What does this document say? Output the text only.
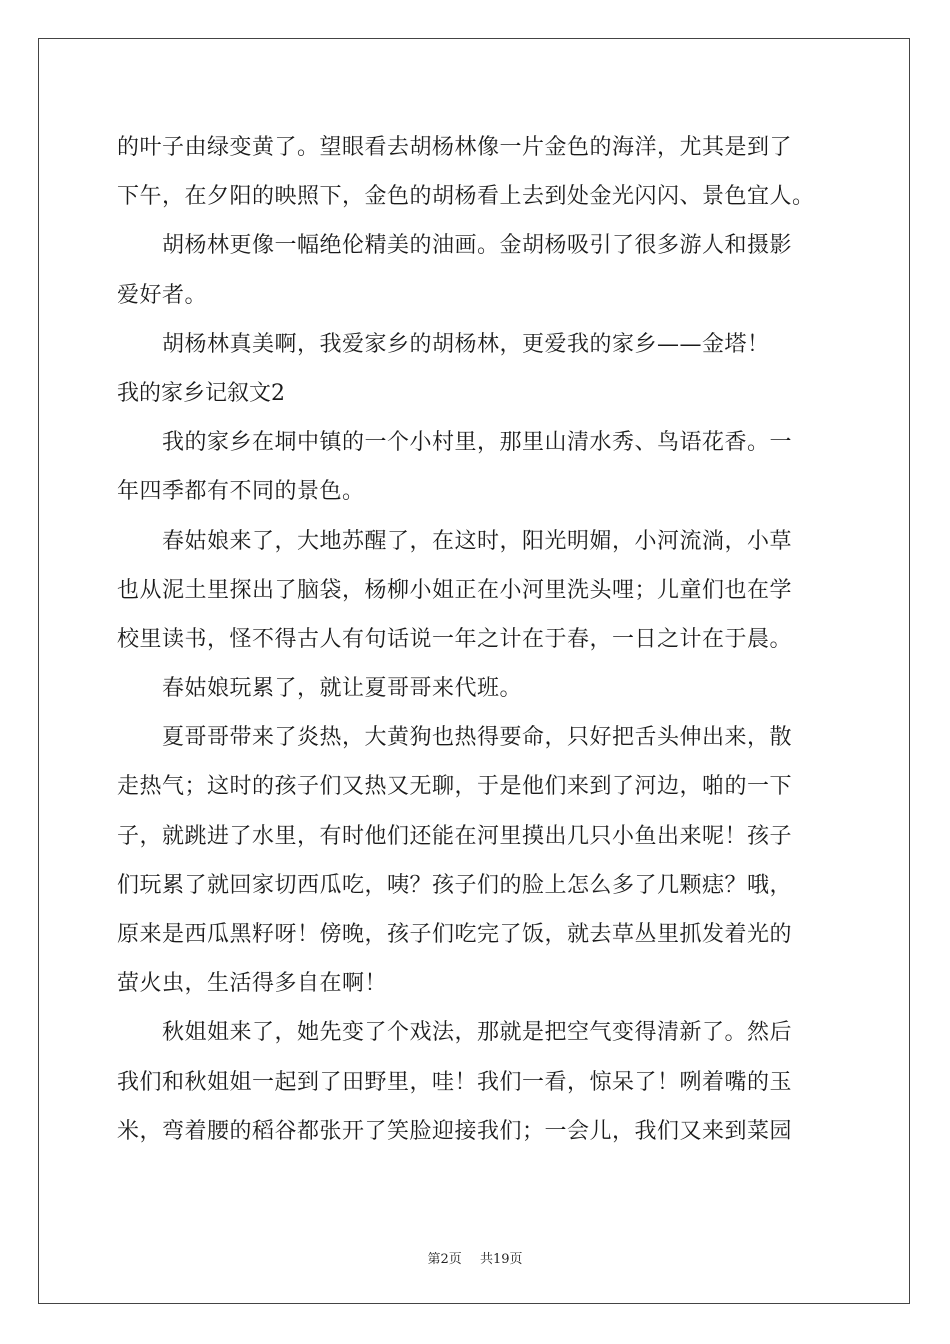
的叶子由绿变黄了。望眼看去胡杨林像一片金色的海洋，尤其是到了
下午，在夕阳的映照下，金色的胡杨看上去到处金光闪闪、景色宜人。
　　胡杨林更像一幅绝伦精美的油画。金胡杨吸引了很多游人和摄影
爱好者。
　　胡杨林真美啊，我爱家乡的胡杨林，更爱我的家乡——金塔！
我的家乡记叙文2
　　我的家乡在垌中镇的一个小村里，那里山清水秀、鸟语花香。一
年四季都有不同的景色。
　　春姑娘来了，大地苏醒了，在这时，阳光明媚，小河流淌，小草
也从泥土里探出了脑袋，杨柳小姐正在小河里洗头哩；儿童们也在学
校里读书，怪不得古人有句话说一年之计在于春，一日之计在于晨。
　　春姑娘玩累了，就让夏哥哥来代班。
　　夏哥哥带来了炎热，大黄狗也热得要命，只好把舌头伸出来，散
走热气；这时的孩子们又热又无聊，于是他们来到了河边，啪的一下
子，就跳进了水里，有时他们还能在河里摸出几只小鱼出来呢！孩子
们玩累了就回家切西瓜吃，咦？孩子们的脸上怎么多了几颗痣？哦，
原来是西瓜黑籽呀！傍晚，孩子们吃完了饭，就去草丛里抓发着光的
萤火虫，生活得多自在啊！
　　秋姐姐来了，她先变了个戏法，那就是把空气变得清新了。然后
我们和秋姐姐一起到了田野里，哇！我们一看，惊呆了！咧着嘴的玉
米，弯着腰的稻谷都张开了笑脸迎接我们；一会儿，我们又来到菜园
第2页 共19页
